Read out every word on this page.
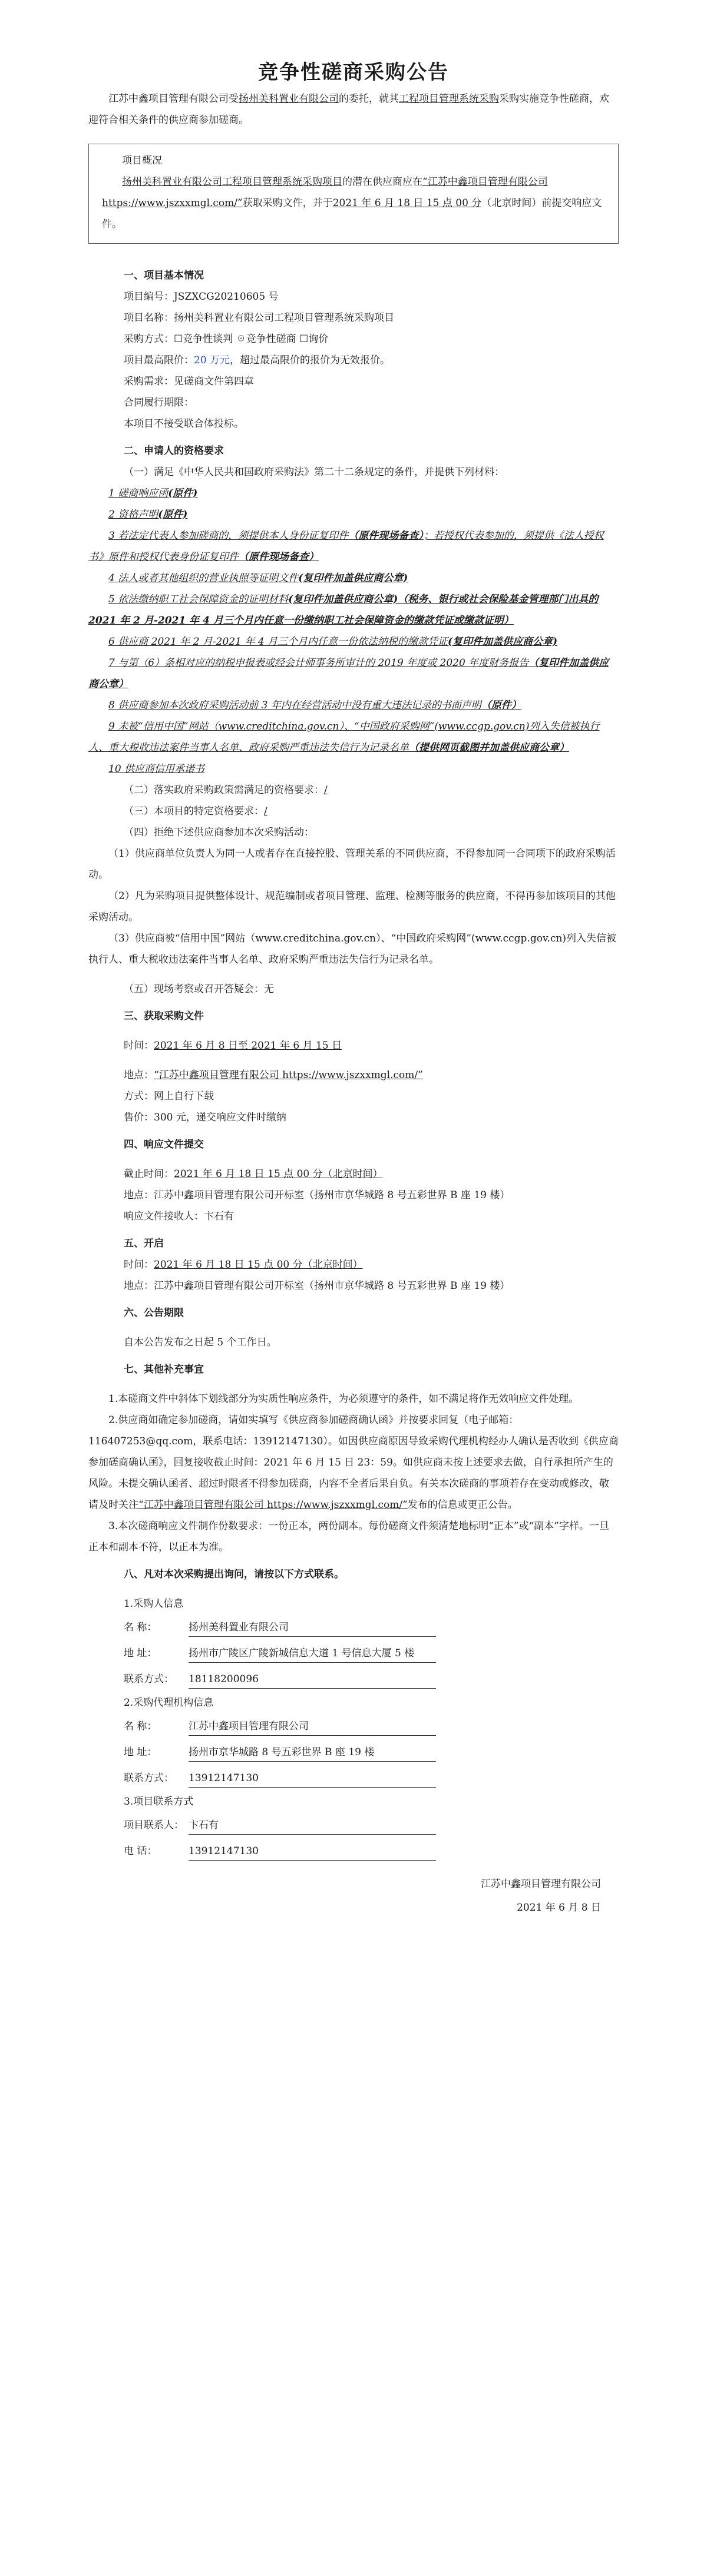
竞争性磋商采购公告

江苏中鑫项目管理有限公司受扬州美科置业有限公司的委托，就其工程项目管理系统采购采购实施竞争性磋商，欢迎符合相关条件的供应商参加磋商。

项目概况

扬州美科置业有限公司工程项目管理系统采购项目的潜在供应商应在“江苏中鑫项目管理有限公司 https://www.jszxxmgl.com/”获取采购文件，并于2021 年 6 月 18 日 15 点 00 分（北京时间）前提交响应文件。

一、项目基本情况

项目编号：JSZXCG20210605 号

项目名称：扬州美科置业有限公司工程项目管理系统采购项目

采购方式：☐竞争性谈判 ☉竞争性磋商 ☐询价

项目最高限价：20 万元，超过最高限价的报价为无效报价。

采购需求：见磋商文件第四章

合同履行期限：

本项目不接受联合体投标。

二、申请人的资格要求

（一）满足《中华人民共和国政府采购法》第二十二条规定的条件，并提供下列材料：

1 磋商响应函(原件)

2 资格声明(原件)

3 若法定代表人参加磋商的，须提供本人身份证复印件（原件现场备查）；若授权代表参加的，须提供《法人授权书》原件和授权代表身份证复印件（原件现场备查）

4 法人或者其他组织的营业执照等证明文件(复印件加盖供应商公章)

5 依法缴纳职工社会保障资金的证明材料(复印件加盖供应商公章)（税务、银行或社会保险基金管理部门出具的 2021 年 2 月-2021 年 4 月三个月内任意一份缴纳职工社会保障资金的缴款凭证或缴款证明）

6 供应商 2021 年 2 月-2021 年 4 月三个月内任意一份依法纳税的缴款凭证(复印件加盖供应商公章)

7 与第（6）条相对应的纳税申报表或经会计师事务所审计的 2019 年度或 2020 年度财务报告（复印件加盖供应商公章）

8 供应商参加本次政府采购活动前 3 年内在经营活动中没有重大违法记录的书面声明（原件）

9 未被“信用中国”网站（www.creditchina.gov.cn）、“中国政府采购网”(www.ccgp.gov.cn)列入失信被执行人、重大税收违法案件当事人名单、政府采购严重违法失信行为记录名单（提供网页截图并加盖供应商公章）

10 供应商信用承诺书

（二）落实政府采购政策需满足的资格要求：/

（三）本项目的特定资格要求：/

（四）拒绝下述供应商参加本次采购活动：

（1）供应商单位负责人为同一人或者存在直接控股、管理关系的不同供应商，不得参加同一合同项下的政府采购活动。

（2）凡为采购项目提供整体设计、规范编制或者项目管理、监理、检测等服务的供应商，不得再参加该项目的其他采购活动。

（3）供应商被“信用中国”网站（www.creditchina.gov.cn）、“中国政府采购网”(www.ccgp.gov.cn)列入失信被执行人、重大税收违法案件当事人名单、政府采购严重违法失信行为记录名单。

（五）现场考察或召开答疑会：无

三、获取采购文件

时间：2021 年 6 月 8 日至 2021 年 6 月 15 日

地点：“江苏中鑫项目管理有限公司 https://www.jszxxmgl.com/”

方式：网上自行下载

售价：300 元，递交响应文件时缴纳

四、响应文件提交

截止时间：2021 年 6 月 18 日 15 点 00 分（北京时间）

地点：江苏中鑫项目管理有限公司开标室（扬州市京华城路 8 号五彩世界 B 座 19 楼）

响应文件接收人：卞石有

五、开启

时间：2021 年 6 月 18 日 15 点 00 分（北京时间）

地点：江苏中鑫项目管理有限公司开标室（扬州市京华城路 8 号五彩世界 B 座 19 楼）

六、公告期限

自本公告发布之日起 5 个工作日。

七、其他补充事宜

1.本磋商文件中斜体下划线部分为实质性响应条件，为必须遵守的条件，如不满足将作无效响应文件处理。

2.供应商如确定参加磋商，请如实填写《供应商参加磋商确认函》并按要求回复（电子邮箱：116407253@qq.com，联系电话：13912147130）。如因供应商原因导致采购代理机构经办人确认是否收到《供应商参加磋商确认函》，回复接收截止时间：2021 年 6 月 15 日 23：59。如供应商未按上述要求去做，自行承担所产生的风险。未提交确认函者、超过时限者不得参加磋商，内容不全者后果自负。有关本次磋商的事项若存在变动或修改，敬请及时关注“江苏中鑫项目管理有限公司 https://www.jszxxmgl.com/”发布的信息或更正公告。

3.本次磋商响应文件制作份数要求：一份正本，两份副本。每份磋商文件须清楚地标明“正本”或“副本”字样。一旦正本和副本不符，以正本为准。

八、凡对本次采购提出询问，请按以下方式联系。

1.采购人信息

名 称：	扬州美科置业有限公司
地 址：	扬州市广陵区广陵新城信息大道 1 号信息大厦 5 楼
联系方式： 18118200096

2.采购代理机构信息

名 称：	江苏中鑫项目管理有限公司
地 址：	扬州市京华城路 8 号五彩世界 B 座 19 楼
联系方式： 13912147130

3.项目联系方式

项目联系人： 卞石有
电 话：	13912147130
江苏中鑫项目管理有限公司
2021 年 6 月 8 日
